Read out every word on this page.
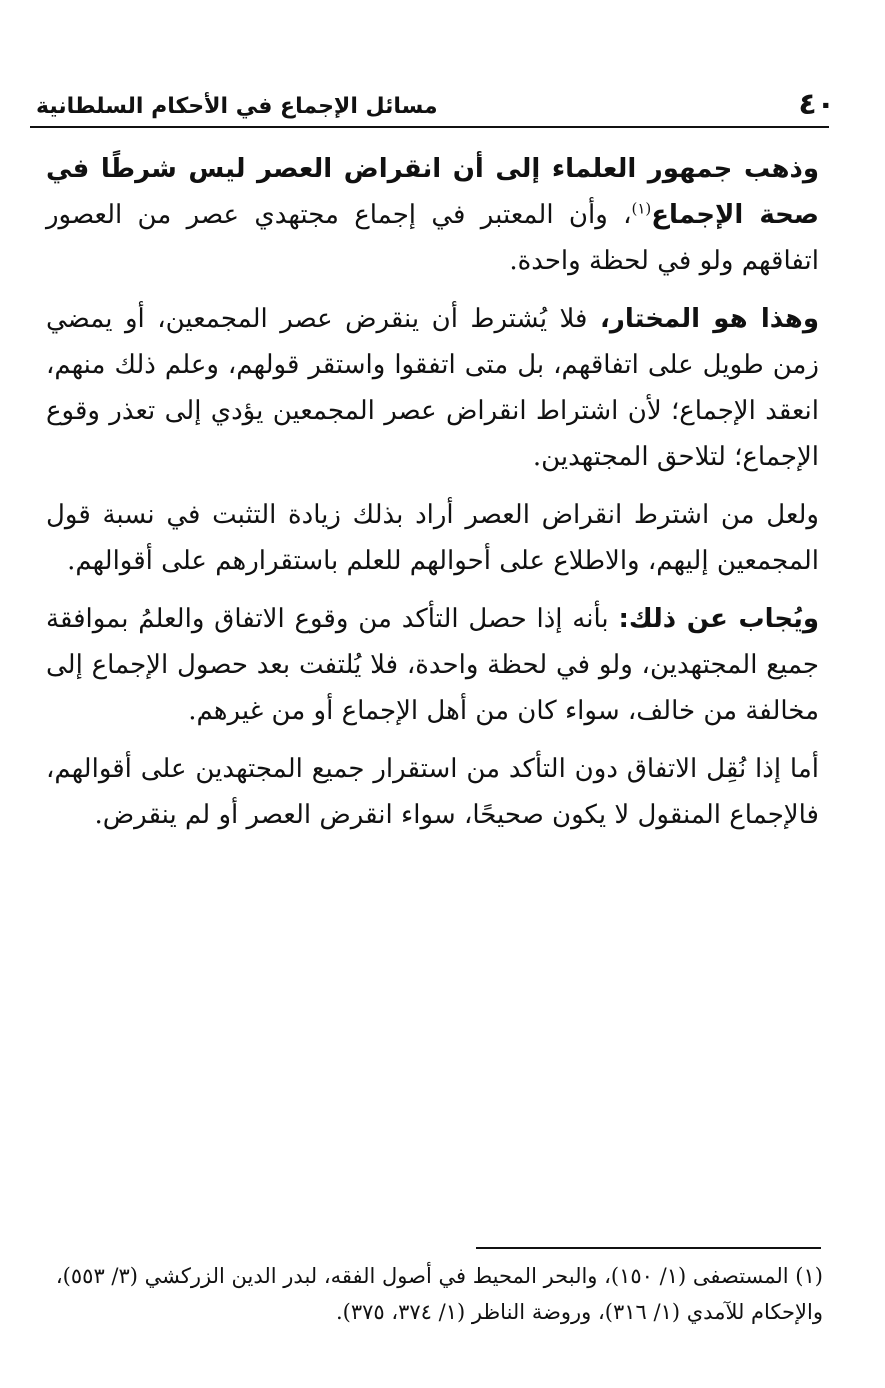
٤٠
مسائل الإجماع في الأحكام السلطانية

وذهب جمهور العلماء إلى أن انقراض العصر ليس شرطًا في صحة الإجماع$^{(١)}$، وأن المعتبر في إجماع مجتهدي عصر من العصور اتفاقهم ولو في لحظة واحدة.

وهذا هو المختار، فلا يُشترط أن ينقرض عصر المجمعين، أو يمضي زمن طويل على اتفاقهم، بل متى اتفقوا واستقر قولهم، وعلم ذلك منهم، انعقد الإجماع؛ لأن اشتراط انقراض عصر المجمعين يؤدي إلى تعذر وقوع الإجماع؛ لتلاحق المجتهدين.

ولعل من اشترط انقراض العصر أراد بذلك زيادة التثبت في نسبة قول المجمعين إليهم، والاطلاع على أحوالهم للعلم باستقرارهم على أقوالهم.

ويُجاب عن ذلك: بأنه إذا حصل التأكد من وقوع الاتفاق والعلمُ بموافقة جميع المجتهدين، ولو في لحظة واحدة، فلا يُلتفت بعد حصول الإجماع إلى مخالفة من خالف، سواء كان من أهل الإجماع أو من غيرهم.

أما إذا نُقِل الاتفاق دون التأكد من استقرار جميع المجتهدين على أقوالهم، فالإجماع المنقول لا يكون صحيحًا، سواء انقرض العصر أو لم ينقرض.

(١) المستصفى (١/ ١٥٠)، والبحر المحيط في أصول الفقه، لبدر الدين الزركشي (٣/ ٥٥٣)،

والإحكام للآمدي (١/ ٣١٦)، وروضة الناظر (١/ ٣٧٤، ٣٧٥).
